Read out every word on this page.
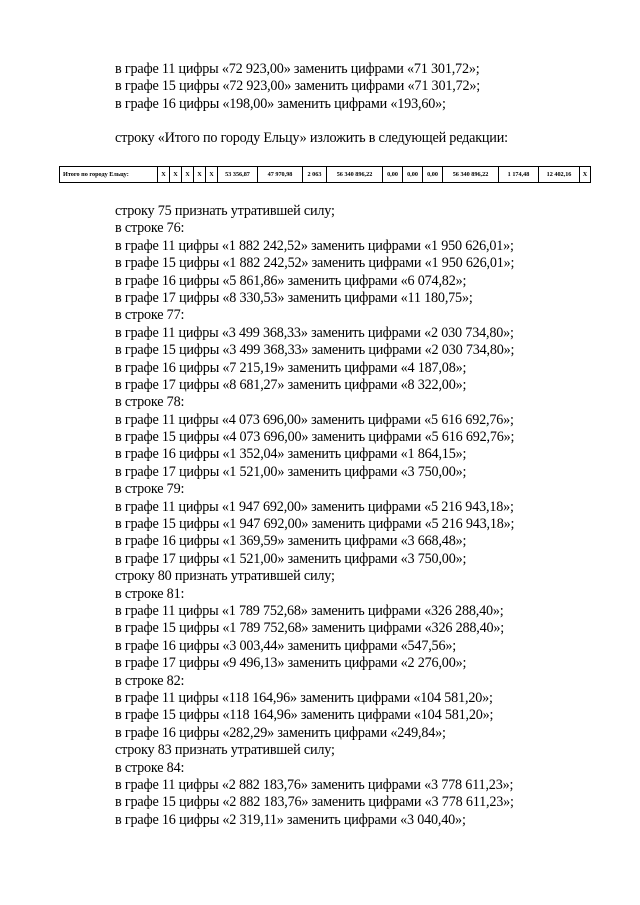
в графе 11 цифры «72 923,00» заменить цифрами «71 301,72»;
в графе 15 цифры «72 923,00» заменить цифрами «71 301,72»;
в графе 16 цифры «198,00» заменить цифрами «193,60»;
строку «Итого по городу Ельцу» изложить в следующей редакции:
Итого по городу Ельцу:	X	X	X	X	X	53 356,87	47 970,98	2 063	56 340 896,22	0,00	0,00	0,00	56 340 896,22	1 174,48	12 402,16	X
строку 75 признать утратившей силу;
в строке 76:
в графе 11 цифры «1 882 242,52» заменить цифрами «1 950 626,01»;
в графе 15 цифры «1 882 242,52» заменить цифрами «1 950 626,01»;
в графе 16 цифры «5 861,86» заменить цифрами «6 074,82»;
в графе 17 цифры «8 330,53» заменить цифрами «11 180,75»;
в строке 77:
в графе 11 цифры «3 499 368,33» заменить цифрами «2 030 734,80»;
в графе 15 цифры «3 499 368,33» заменить цифрами «2 030 734,80»;
в графе 16 цифры «7 215,19» заменить цифрами «4 187,08»;
в графе 17 цифры «8 681,27» заменить цифрами «8 322,00»;
в строке 78:
в графе 11 цифры «4 073 696,00» заменить цифрами «5 616 692,76»;
в графе 15 цифры «4 073 696,00» заменить цифрами «5 616 692,76»;
в графе 16 цифры «1 352,04» заменить цифрами «1 864,15»;
в графе 17 цифры «1 521,00» заменить цифрами «3 750,00»;
в строке 79:
в графе 11 цифры «1 947 692,00» заменить цифрами «5 216 943,18»;
в графе 15 цифры «1 947 692,00» заменить цифрами «5 216 943,18»;
в графе 16 цифры «1 369,59» заменить цифрами «3 668,48»;
в графе 17 цифры «1 521,00» заменить цифрами «3 750,00»;
строку 80 признать утратившей силу;
в строке 81:
в графе 11 цифры «1 789 752,68» заменить цифрами «326 288,40»;
в графе 15 цифры «1 789 752,68» заменить цифрами «326 288,40»;
в графе 16 цифры «3 003,44» заменить цифрами «547,56»;
в графе 17 цифры «9 496,13» заменить цифрами «2 276,00»;
в строке 82:
в графе 11 цифры «118 164,96» заменить цифрами «104 581,20»;
в графе 15 цифры «118 164,96» заменить цифрами «104 581,20»;
в графе 16 цифры «282,29» заменить цифрами «249,84»;
строку 83 признать утратившей силу;
в строке 84:
в графе 11 цифры «2 882 183,76» заменить цифрами «3 778 611,23»;
в графе 15 цифры «2 882 183,76» заменить цифрами «3 778 611,23»;
в графе 16 цифры «2 319,11» заменить цифрами «3 040,40»;
